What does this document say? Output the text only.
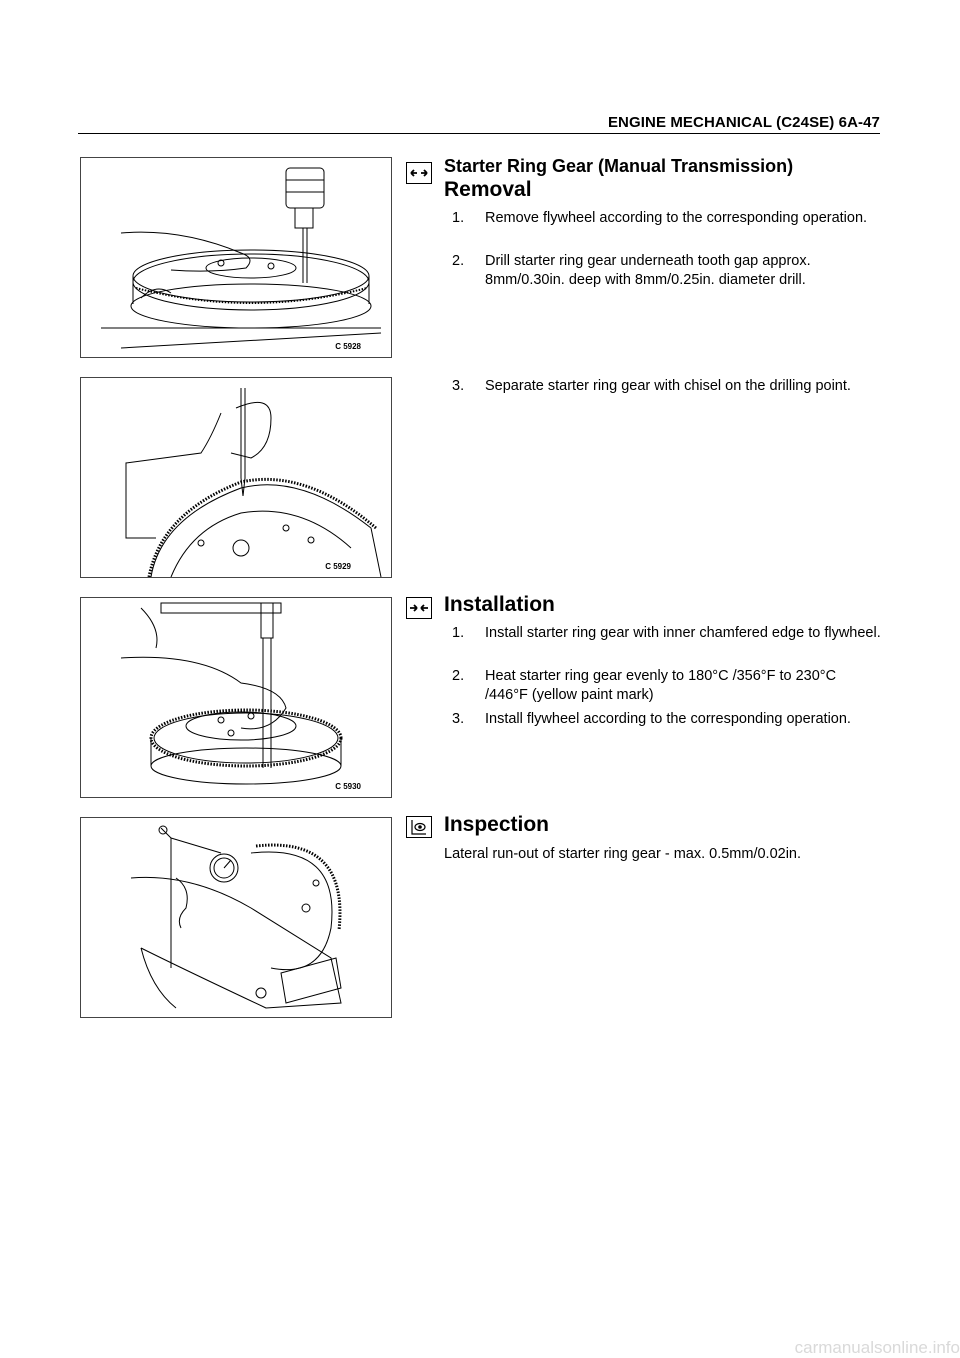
ENGINE MECHANICAL (C24SE) 6A-47
C 5928
C 5929
C 5930
Starter Ring Gear (Manual Transmission)
Removal
1. Remove flywheel according to the corresponding operation.
2. Drill starter ring gear underneath tooth gap approx. 8mm/0.30in. deep with 8mm/0.25in. diameter drill.
3. Separate starter ring gear with chisel on the drilling point.
Installation
1. Install starter ring gear with inner chamfered edge to flywheel.
2. Heat starter ring gear evenly to 180°C /356°F to 230°C /446°F (yellow paint mark)
3. Install flywheel according to the corresponding operation.
Inspection
Lateral run-out of starter ring gear - max. 0.5mm/0.02in.
carmanualsonline.info
